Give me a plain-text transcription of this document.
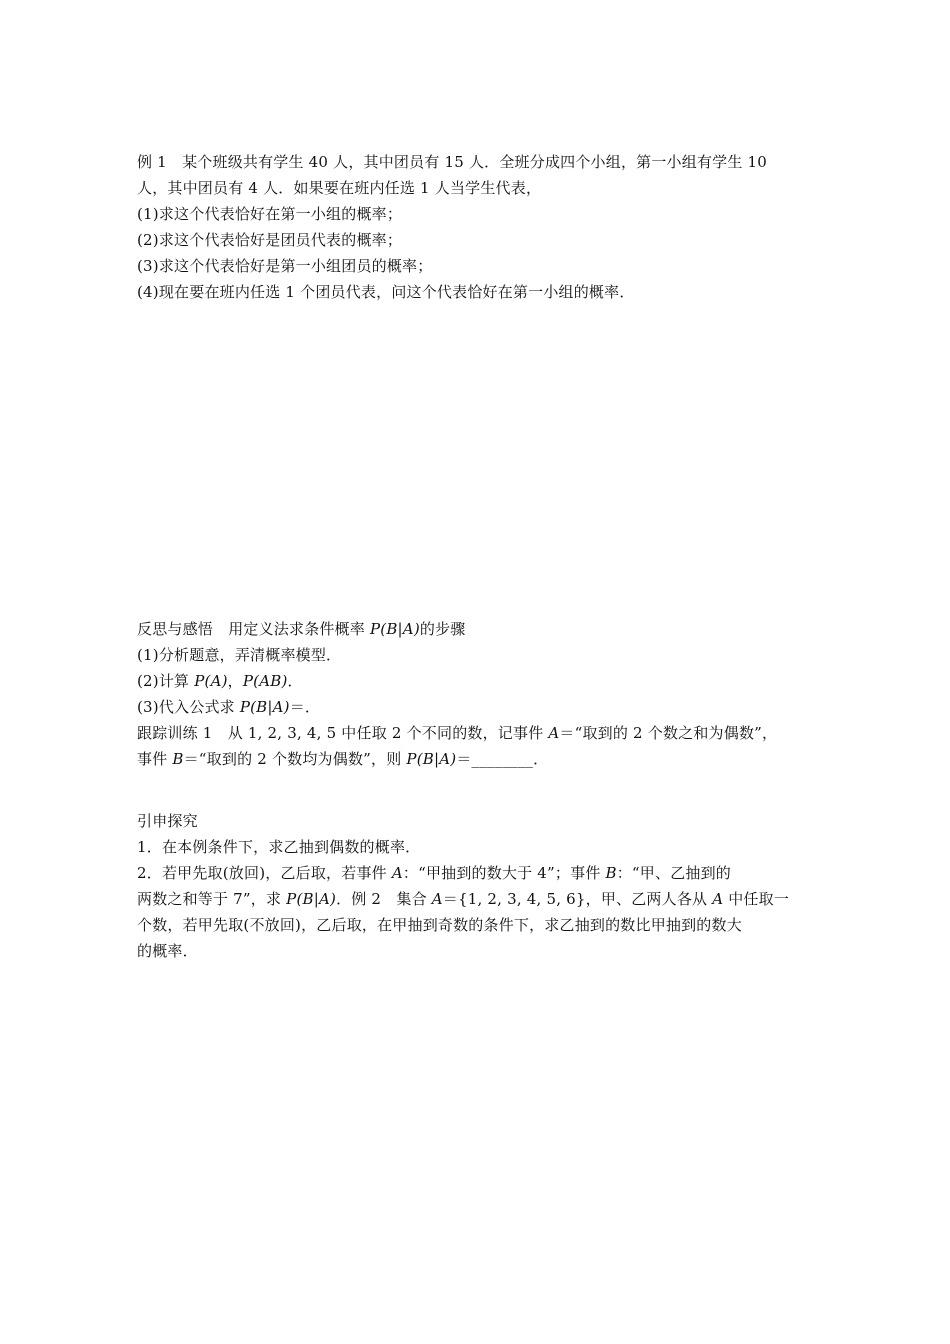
例 1　某个班级共有学生 40 人，其中团员有 15 人．全班分成四个小组，第一小组有学生 10
人，其中团员有 4 人．如果要在班内任选 1 人当学生代表，
(1)求这个代表恰好在第一小组的概率；
(2)求这个代表恰好是团员代表的概率；
(3)求这个代表恰好是第一小组团员的概率；
(4)现在要在班内任选 1 个团员代表，问这个代表恰好在第一小组的概率．
反思与感悟　用定义法求条件概率 P(B|A)的步骤
(1)分析题意，弄清概率模型．
(2)计算 P(A)，P(AB)．
(3)代入公式求 P(B|A)＝．
跟踪训练 1　从 1, 2, 3, 4, 5 中任取 2 个不同的数，记事件 A＝“取到的 2 个数之和为偶数”，
事件 B＝“取到的 2 个数均为偶数”，则 P(B|A)＝________．
引申探究
1．在本例条件下，求乙抽到偶数的概率．
2．若甲先取(放回)，乙后取，若事件 A：“甲抽到的数大于 4”；事件 B：“甲、乙抽到的
两数之和等于 7”，求 P(B|A)．例 2　集合 A＝{1, 2, 3, 4, 5, 6}，甲、乙两人各从 A 中任取一
个数，若甲先取(不放回)，乙后取，在甲抽到奇数的条件下，求乙抽到的数比甲抽到的数大
的概率．
